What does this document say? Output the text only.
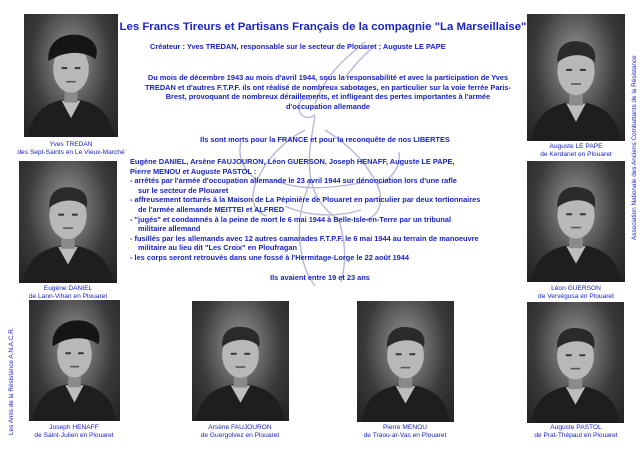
Les Francs Tireurs et Partisans Français de la compagnie "La Marseillaise"
Créateur : Yves TREDAN, responsable sur le secteur de Plouaret ; Auguste LE PAPE
Du mois de décembre 1943 au mois d'avril 1944, sous la responsabilité et avec la participation de Yves TREDAN et d'autres F.T.P.F. ils ont réalisé de nombreux sabotages, en particulier sur la voie ferrée Paris-Brest, provoquant de nombreux déraillements, et infligeant des pertes importantes à l'armée d'occupation allemande
Ils sont morts pour la FRANCE et pour la reconquête de nos LIBERTES
Eugène DANIEL, Arsène FAUJOURON, Léon GUERSON, Joseph HENAFF, Auguste LE PAPE,
Pierre MENOU et Auguste PASTOL :
- arrêtés par l'armée d'occupation allemande le 23 avril 1944 sur dénonciation lors d'une rafle
sur le secteur de Plouaret
- affreusement torturés à la Maison de La Pépinière de Plouaret en particulier par deux tortionnaires
de l'armée allemande MEITTEI et ALFRED
- "jugés" et condamnés à la peine de mort le 6 mai 1944 à Belle-Isle-en-Terre par un tribunal
militaire allemand
- fusillés par les allemands avec 12 autres camarades F.T.P.F. le 6 mai 1944 au terrain de manoeuvre
militaire au lieu dit "Les Croix" en Ploufragan
- les corps seront retrouvés dans une fossé à l'Hermitage-Lorge le 22 août 1944
Ils avaient entre 19 et 23 ans
Yves TREDAN
des Sept-Saints en Le Vieux-Marché
Auguste LE PAPE
de Kerdanet en Plouaret
Eugène DANIEL
de Lann-Vihan en Plouaret
Léon GUERSON
de Vervégusa en Plouaret
Joseph HENAFF
de Saint-Julien en Plouaret
Arsène FAUJOURON
de Guergolvez en Plouaret
Pierre MENOU
de Traou-ar-Vas en Plouaret
Auguste PASTOL
de Prat-Thépaut en Plouaret
Les Amis de la Résistance A.N.A.C.R.
Association Nationale des Anciens Combattants de la Résistance
